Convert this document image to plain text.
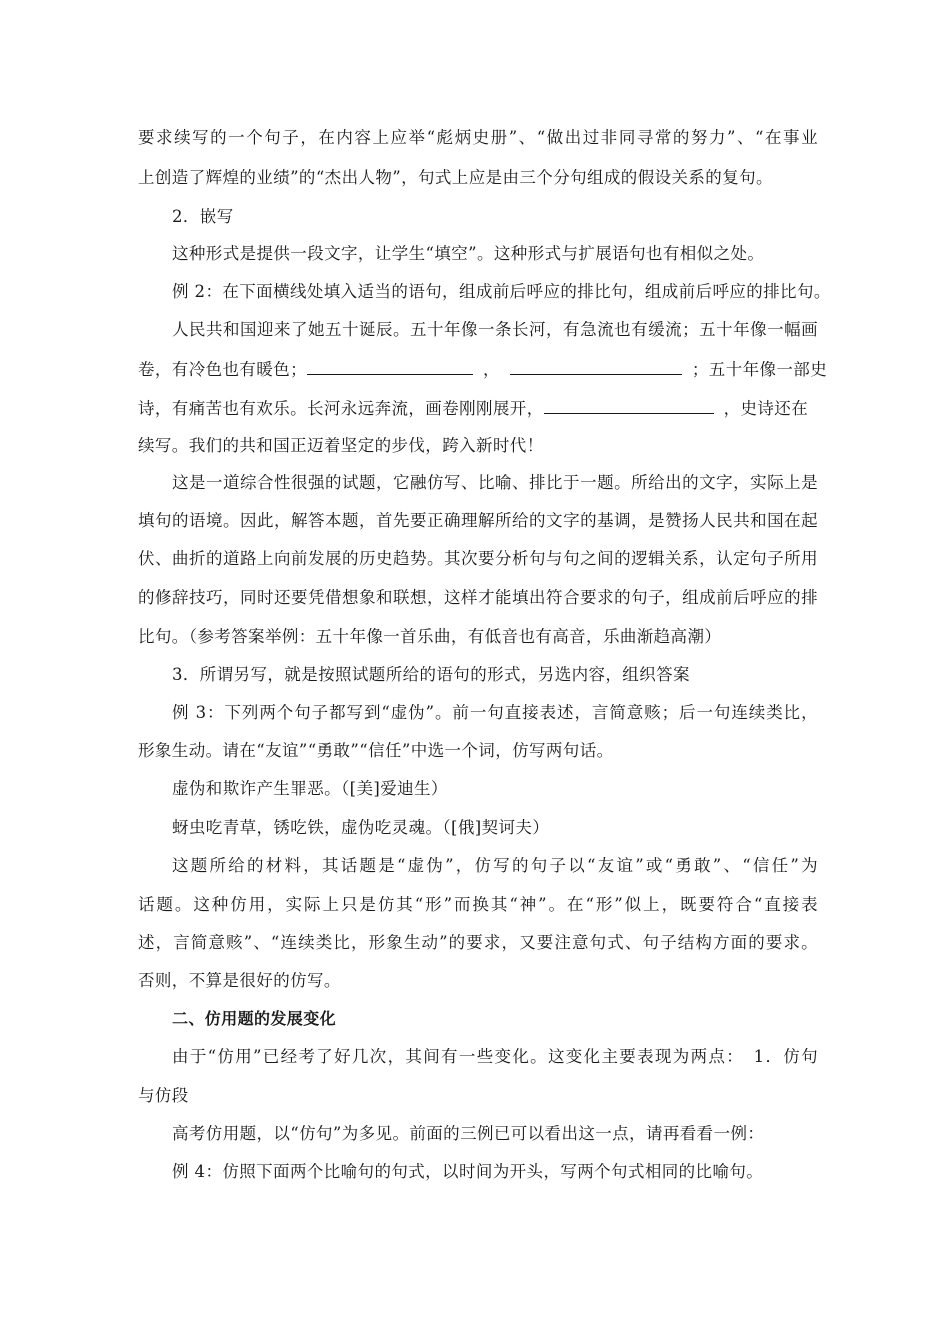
要求续写的一个句子，在内容上应举“彪炳史册”、“做出过非同寻常的努力”、“在事业
上创造了辉煌的业绩”的“杰出人物”，句式上应是由三个分句组成的假设关系的复句。
2．嵌写
这种形式是提供一段文字，让学生“填空”。这种形式与扩展语句也有相似之处。
例 2：在下面横线处填入适当的语句，组成前后呼应的排比句，组成前后呼应的排比句。
人民共和国迎来了她五十诞辰。五十年像一条长河，有急流也有缓流；五十年像一幅画
卷，有冷色也有暖色；	，	；五十年像一部史
诗，有痛苦也有欢乐。长河永远奔流，画卷刚刚展开，	，史诗还在
续写。我们的共和国正迈着坚定的步伐，跨入新时代！
这是一道综合性很强的试题，它融仿写、比喻、排比于一题。所给出的文字，实际上是
填句的语境。因此，解答本题，首先要正确理解所给的文字的基调，是赞扬人民共和国在起
伏、曲折的道路上向前发展的历史趋势。其次要分析句与句之间的逻辑关系，认定句子所用
的修辞技巧，同时还要凭借想象和联想，这样才能填出符合要求的句子，组成前后呼应的排
比句。（参考答案举例：五十年像一首乐曲，有低音也有高音，乐曲渐趋高潮）
3．所谓另写，就是按照试题所给的语句的形式，另选内容，组织答案
例 3：下列两个句子都写到“虚伪”。前一句直接表述，言简意赅；后一句连续类比，
形象生动。请在“友谊”“勇敢”“信任”中选一个词，仿写两句话。
虚伪和欺诈产生罪恶。（[美]爱迪生）
蚜虫吃青草，锈吃铁，虚伪吃灵魂。（[俄]契诃夫）
这题所给的材料，其话题是“虚伪”，仿写的句子以“友谊”或“勇敢”、“信任”为
话题。这种仿用，实际上只是仿其“形”而换其“神”。在“形”似上，既要符合“直接表
述，言简意赅”、“连续类比，形象生动”的要求，又要注意句式、句子结构方面的要求。
否则，不算是很好的仿写。
二、仿用题的发展变化
由于“仿用”已经考了好几次，其间有一些变化。这变化主要表现为两点：　1．仿句
与仿段
高考仿用题，以“仿句”为多见。前面的三例已可以看出这一点，请再看看一例：
例 4：仿照下面两个比喻句的句式，以时间为开头，写两个句式相同的比喻句。
